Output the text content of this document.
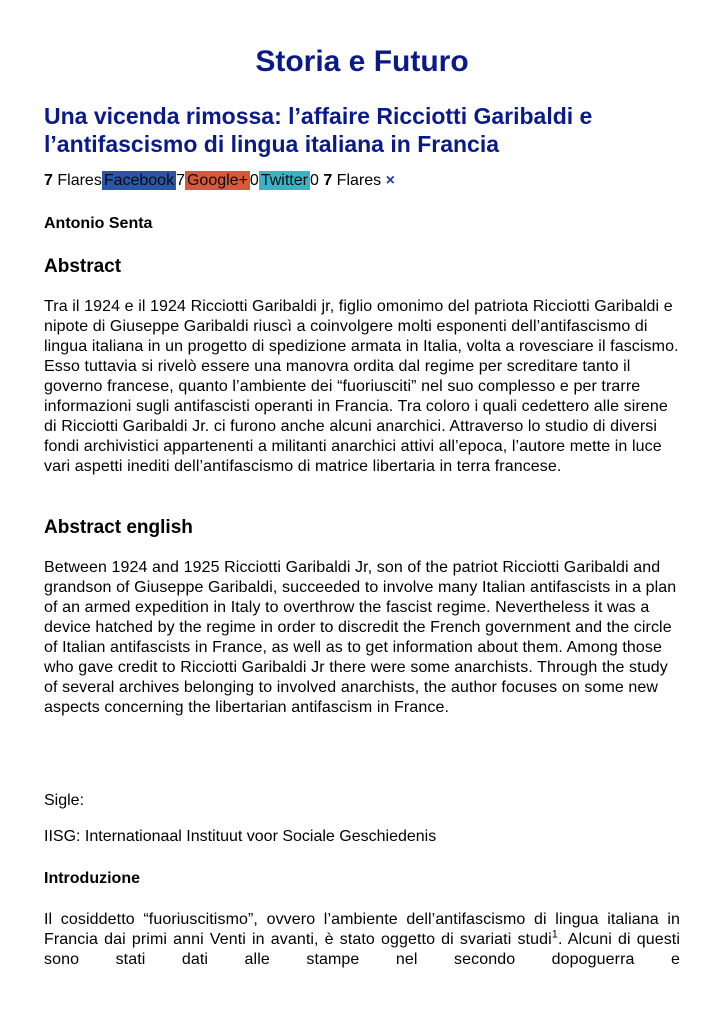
Storia e Futuro
Una vicenda rimossa: l’affaire Ricciotti Garibaldi e l’antifascismo di lingua italiana in Francia
7 Flares Facebook 7 Google+ 0 Twitter 0 7 Flares ×
Antonio Senta
Abstract

Tra il 1924 e il 1924 Ricciotti Garibaldi jr, figlio omonimo del patriota Ricciotti Garibaldi e nipote di Giuseppe Garibaldi riuscì a coinvolgere molti esponenti dell’antifascismo di lingua italiana in un progetto di spedizione armata in Italia, volta a rovesciare il fascismo. Esso tuttavia si rivelò essere una manovra ordita dal regime per screditare tanto il governo francese, quanto l’ambiente dei “fuoriusciti” nel suo complesso e per trarre informazioni sugli antifascisti operanti in Francia. Tra coloro i quali cedettero alle sirene di Ricciotti Garibaldi Jr. ci furono anche alcuni anarchici. Attraverso lo studio di diversi fondi archivistici appartenenti a militanti anarchici attivi all’epoca, l’autore mette in luce vari aspetti inediti dell’antifascismo di matrice libertaria in terra francese.

Abstract english

Between 1924 and 1925 Ricciotti Garibaldi Jr, son of the patriot Ricciotti Garibaldi and grandson of Giuseppe Garibaldi, succeeded to involve many Italian antifascists in a plan of an armed expedition in Italy to overthrow the fascist regime. Nevertheless it was a device hatched by the regime in order to discredit the French government and the circle of Italian antifascists in France, as well as to get information about them. Among those who gave credit to Ricciotti Garibaldi Jr there were some anarchists. Through the study of several archives belonging to involved anarchists, the author focuses on some new aspects concerning the libertarian antifascism in France.

Sigle:

IISG: Internationaal Instituut voor Sociale Geschiedenis

Introduzione

Il cosiddetto “fuoriuscitismo”, ovvero l’ambiente dell’antifascismo di lingua italiana in Francia dai primi anni Venti in avanti, è stato oggetto di svariati studi$^1$. Alcuni di questi sono stati dati alle stampe nel secondo dopoguerra e
